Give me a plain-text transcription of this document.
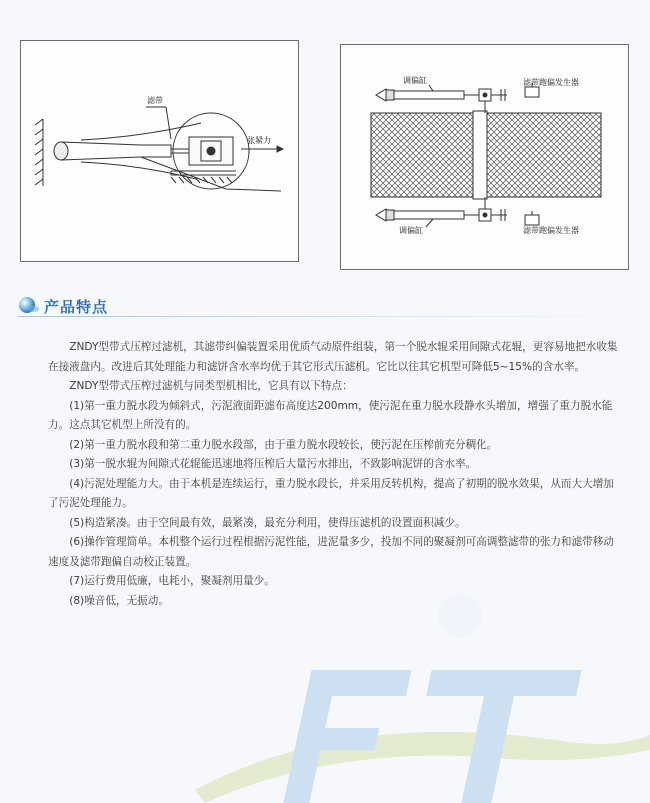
滤带
张紧力
调偏缸	滤带跑偏发生器
调偏缸	滤带跑偏发生器
产品特点

ZNDY型带式压榨过滤机，其滤带纠偏装置采用优质气动原件组装，第一个脱水辊采用间隙式花辊，更容易地把水收集在接液盘内。改进后其处理能力和滤饼含水率均优于其它形式压滤机。它比以往其它机型可降低5~15%的含水率。

ZNDY型带式压榨过滤机与同类型机相比，它具有以下特点：

(1)第一重力脱水段为倾斜式，污泥液面距滤布高度达200mm，使污泥在重力脱水段静水头增加，增强了重力脱水能力。这点其它机型上所没有的。

(2)第一重力脱水段和第二重力脱水段部，由于重力脱水段较长，使污泥在压榨前充分稠化。

(3)第一脱水辊为间隙式花辊能迅速地将压榨后大量污水排出，不致影响泥饼的含水率。

(4)污泥处理能力大。由于本机是连续运行，重力脱水段长，并采用反转机构，提高了初期的脱水效果，从而大大增加了污泥处理能力。

(5)构造紧凑。由于空间最有效，最紧凑，最充分利用，使得压滤机的设置面积减少。

(6)操作管理简单。本机整个运行过程根据污泥性能，进泥量多少，投加不同的聚凝剂可高调整滤带的张力和滤带移动速度及滤带跑偏自动校正装置。

(7)运行费用低廉，电耗小，聚凝剂用量少。

(8)噪音低，无振动。
